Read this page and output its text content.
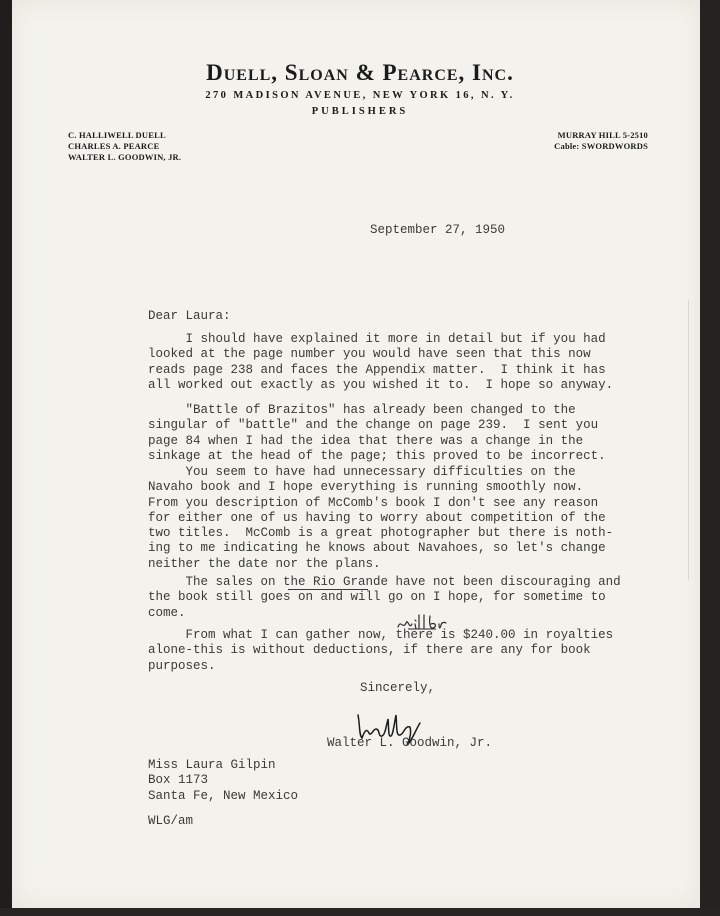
Duell, Sloan & Pearce, Inc.
270 MADISON AVENUE, NEW YORK 16, N. Y.
PUBLISHERS
C. HALLIWELL DUELL
CHARLES A. PEARCE
WALTER L. GOODWIN, JR.
MURRAY HILL 5-2510
Cable: SWORDWORDS
September 27, 1950
Dear Laura:
I should have explained it more in detail but if you had
looked at the page number you would have seen that this now
reads page 238 and faces the Appendix matter.  I think it has
all worked out exactly as you wished it to.  I hope so anyway.
"Battle of Brazitos" has already been changed to the
singular of "battle" and the change on page 239.  I sent you
page 84 when I had the idea that there was a change in the
sinkage at the head of the page; this proved to be incorrect.
You seem to have had unnecessary difficulties on the
Navaho book and I hope everything is running smoothly now.
From you description of McComb's book I don't see any reason
for either one of us having to worry about competition of the
two titles.  McComb is a great photographer but there is noth-
ing to me indicating he knows about Navahoes, so let's change
neither the date nor the plans.
The sales on the Rio Grande have not been discouraging and
the book still goes on and will go on I hope, for sometime to
come.
From what I can gather now, there is $240.00 in royalties
alone-this is without deductions, if there are any for book
purposes.
Sincerely,
Walter L. Goodwin, Jr.
Miss Laura Gilpin
Box 1173
Santa Fe, New Mexico
WLG/am
